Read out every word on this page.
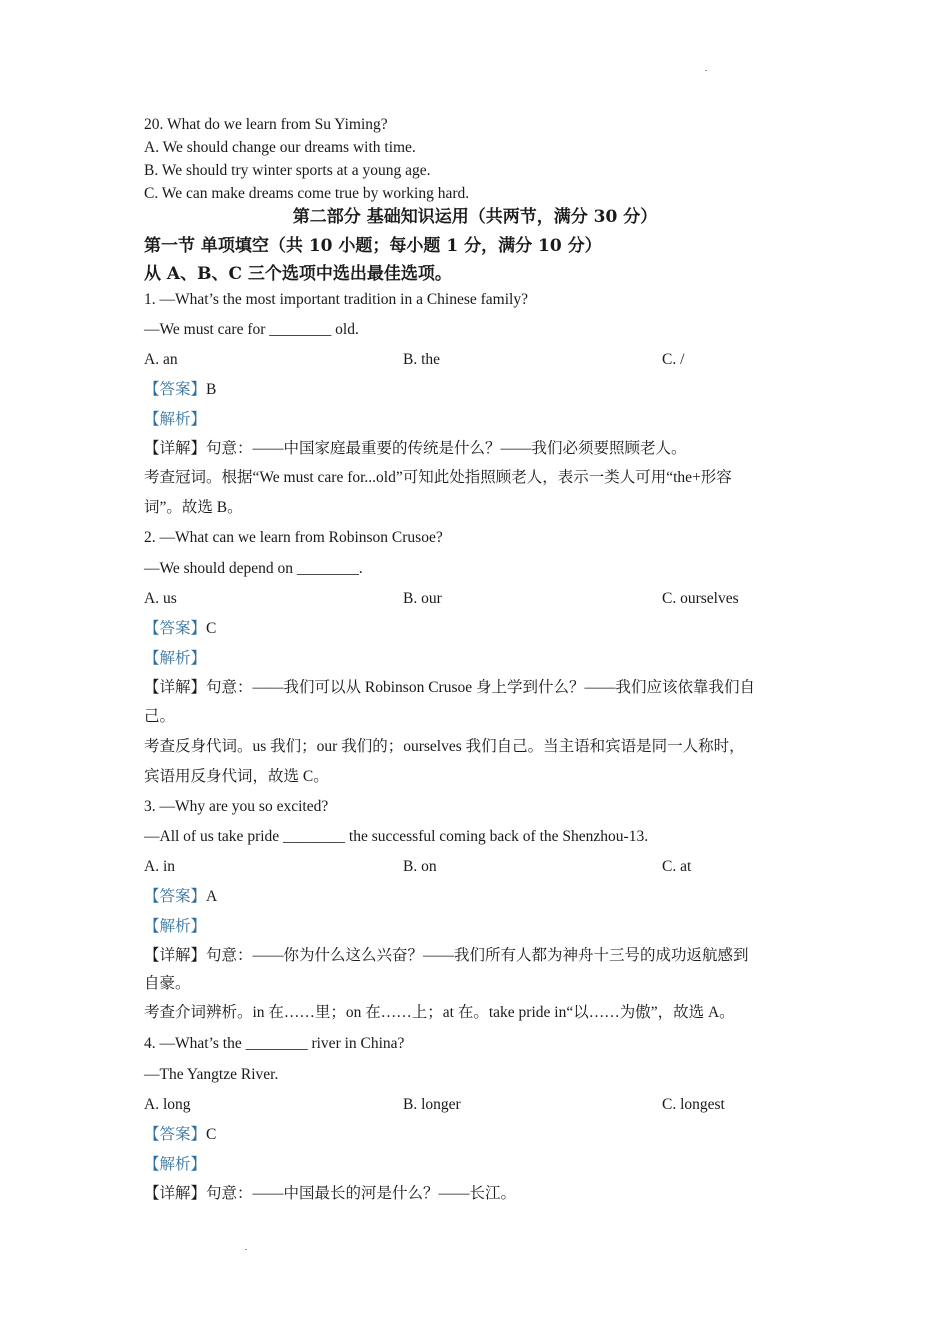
20. What do we learn from Su Yiming?
A. We should change our dreams with time.
B. We should try winter sports at a young age.
C. We can make dreams come true by working hard.
第二部分 基础知识运用（共两节，满分 30 分）
第一节 单项填空（共 10 小题；每小题 1 分，满分 10 分）
从 A、B、C 三个选项中选出最佳选项。
1. —What’s the most important tradition in a Chinese family?
—We must care for ________ old.
A. an	B. the	C. /
【答案】B
【解析】
【详解】句意：——中国家庭最重要的传统是什么？——我们必须要照顾老人。
考查冠词。根据“We must care for...old”可知此处指照顾老人，表示一类人可用“the+形容
词”。故选 B。
2. —What can we learn from Robinson Crusoe?
—We should depend on ________.
A. us	B. our	C. ourselves
【答案】C
【解析】
【详解】句意：——我们可以从 Robinson Crusoe 身上学到什么？——我们应该依靠我们自
己。
考查反身代词。us 我们；our 我们的；ourselves 我们自己。当主语和宾语是同一人称时，
宾语用反身代词，故选 C。
3. —Why are you so excited?
—All of us take pride ________ the successful coming back of the Shenzhou-13.
A. in	B. on	C. at
【答案】A
【解析】
【详解】句意：——你为什么这么兴奋？——我们所有人都为神舟十三号的成功返航感到
自豪。
考查介词辨析。in 在……里；on 在……上；at 在。take pride in“以……为傲”，故选 A。
4. —What’s the ________ river in China?
—The Yangtze River.
A. long	B. longer	C. longest
【答案】C
【解析】
【详解】句意：——中国最长的河是什么？——长江。
